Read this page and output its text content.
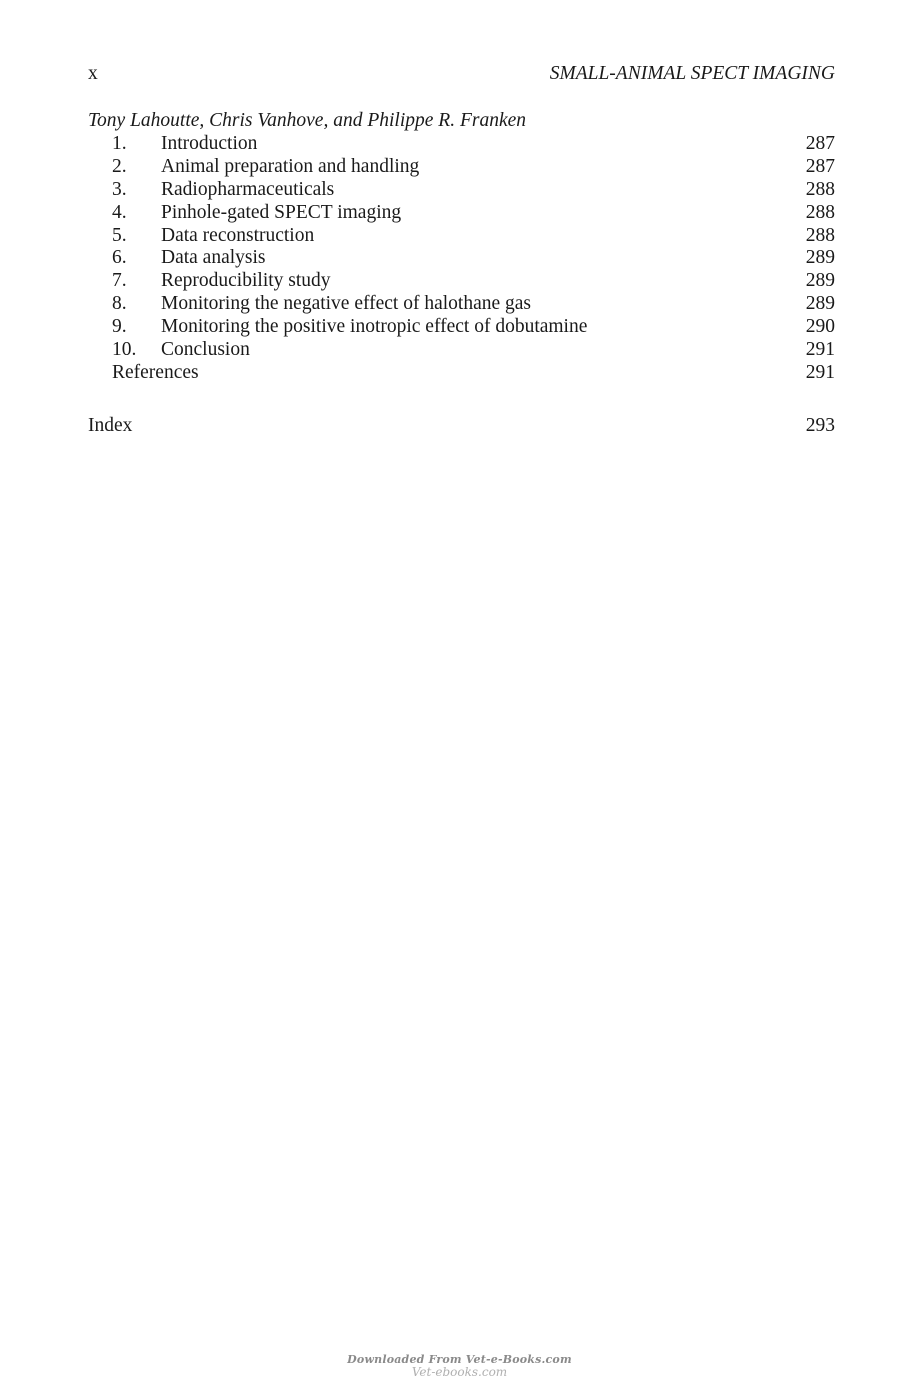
x	SMALL-ANIMAL SPECT IMAGING
Tony Lahoutte, Chris Vanhove, and Philippe R. Franken
1. Introduction	287
2. Animal preparation and handling	287
3. Radiopharmaceuticals	288
4. Pinhole-gated SPECT imaging	288
5. Data reconstruction	288
6. Data analysis	289
7. Reproducibility study	289
8. Monitoring the negative effect of halothane gas	289
9. Monitoring the positive inotropic effect of dobutamine	290
10. Conclusion	291
References	291
Index	293
Downloaded From Vet-e-Books.com
Vet-ebooks.com
